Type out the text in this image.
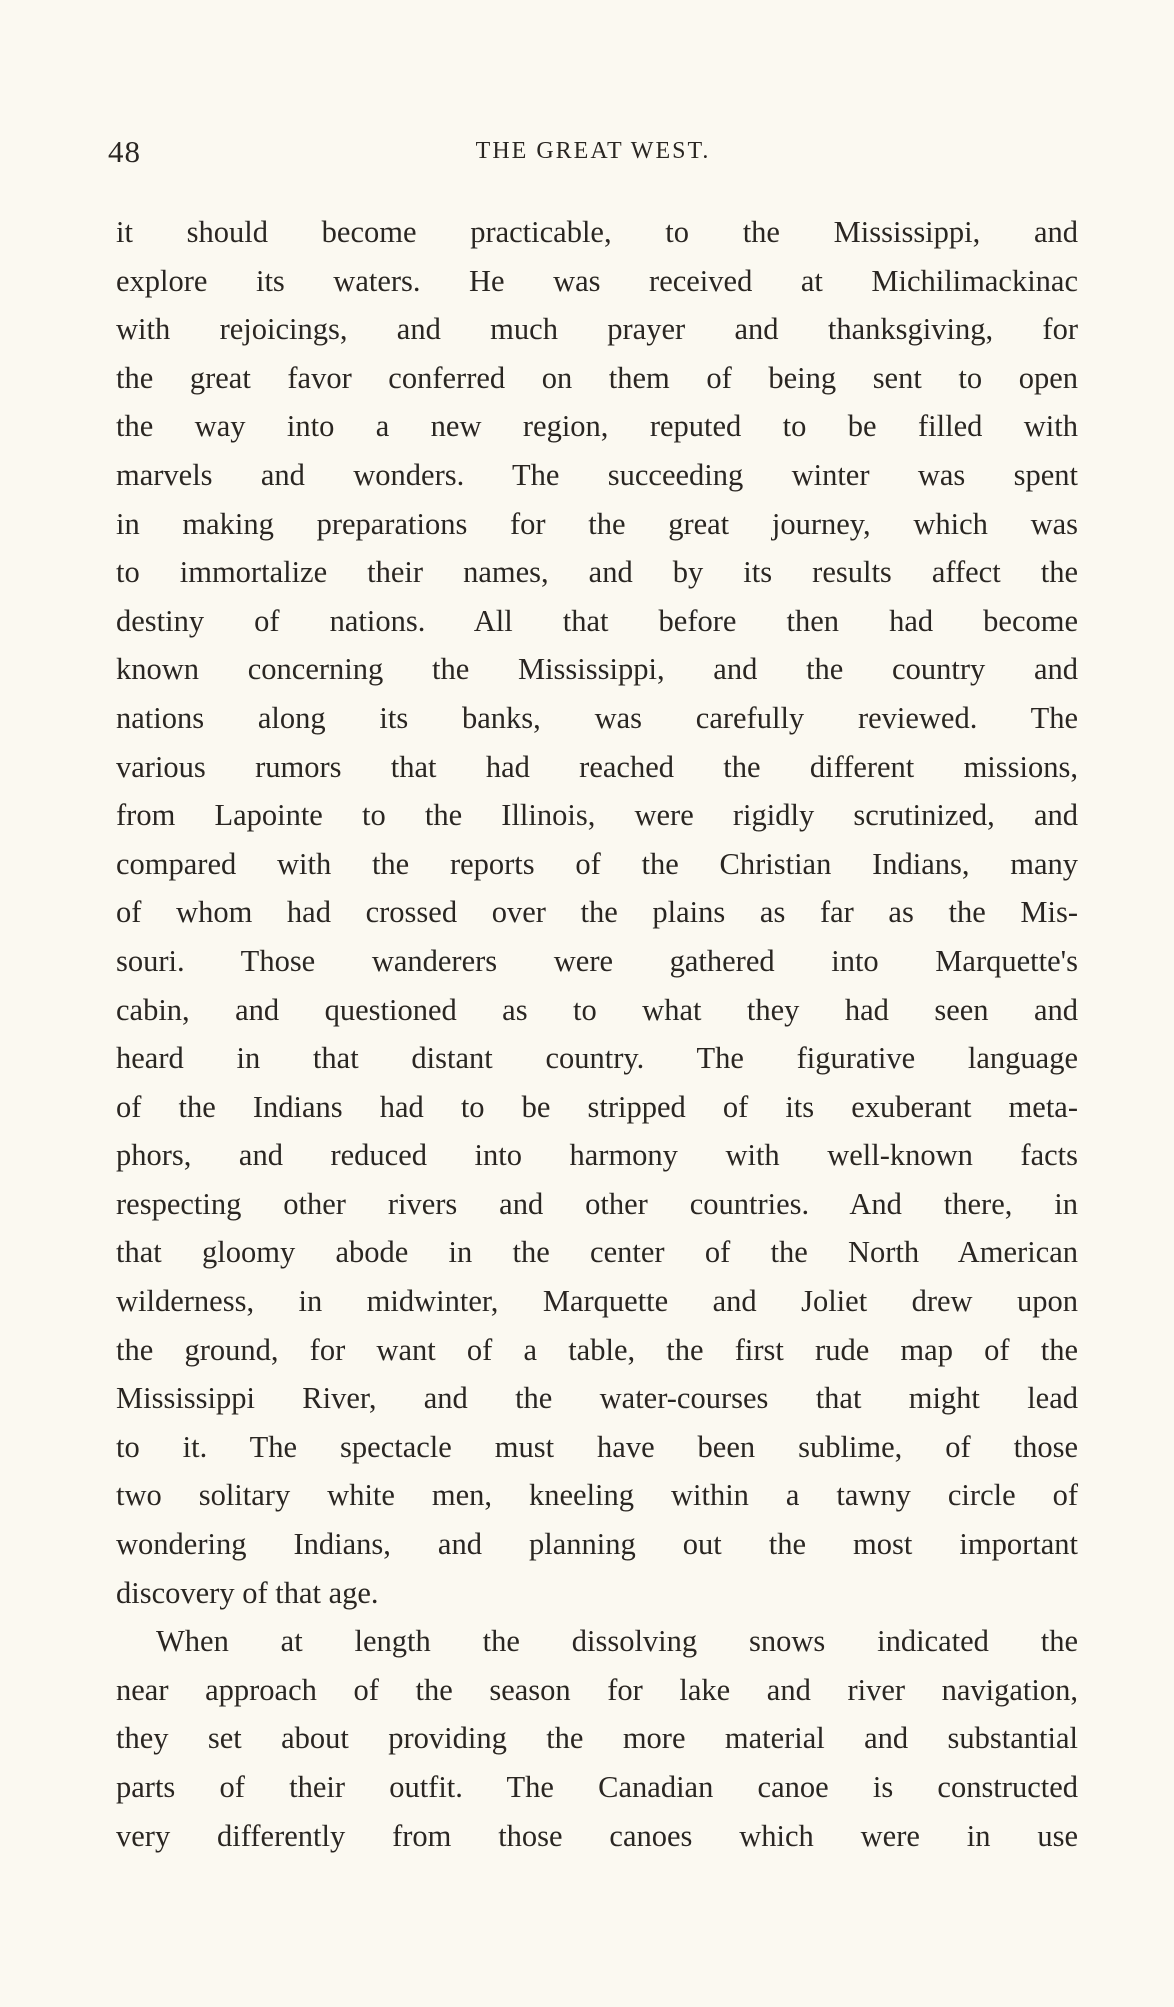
48	THE GREAT WEST.
it should become practicable, to the Mississippi, and
explore its waters. He was received at Michilimackinac
with rejoicings, and much prayer and thanksgiving, for
the great favor conferred on them of being sent to open
the way into a new region, reputed to be filled with
marvels and wonders. The succeeding winter was spent
in making preparations for the great journey, which was
to immortalize their names, and by its results affect the
destiny of nations. All that before then had become
known concerning the Mississippi, and the country and
nations along its banks, was carefully reviewed. The
various rumors that had reached the different missions,
from Lapointe to the Illinois, were rigidly scrutinized, and
compared with the reports of the Christian Indians, many
of whom had crossed over the plains as far as the Mis-
souri. Those wanderers were gathered into Marquette's
cabin, and questioned as to what they had seen and
heard in that distant country. The figurative language
of the Indians had to be stripped of its exuberant meta-
phors, and reduced into harmony with well-known facts
respecting other rivers and other countries. And there, in
that gloomy abode in the center of the North American
wilderness, in midwinter, Marquette and Joliet drew upon
the ground, for want of a table, the first rude map of the
Mississippi River, and the water-courses that might lead
to it. The spectacle must have been sublime, of those
two solitary white men, kneeling within a tawny circle of
wondering Indians, and planning out the most important
discovery of that age.
When at length the dissolving snows indicated the
near approach of the season for lake and river navigation,
they set about providing the more material and substantial
parts of their outfit. The Canadian canoe is constructed
very differently from those canoes which were in use
